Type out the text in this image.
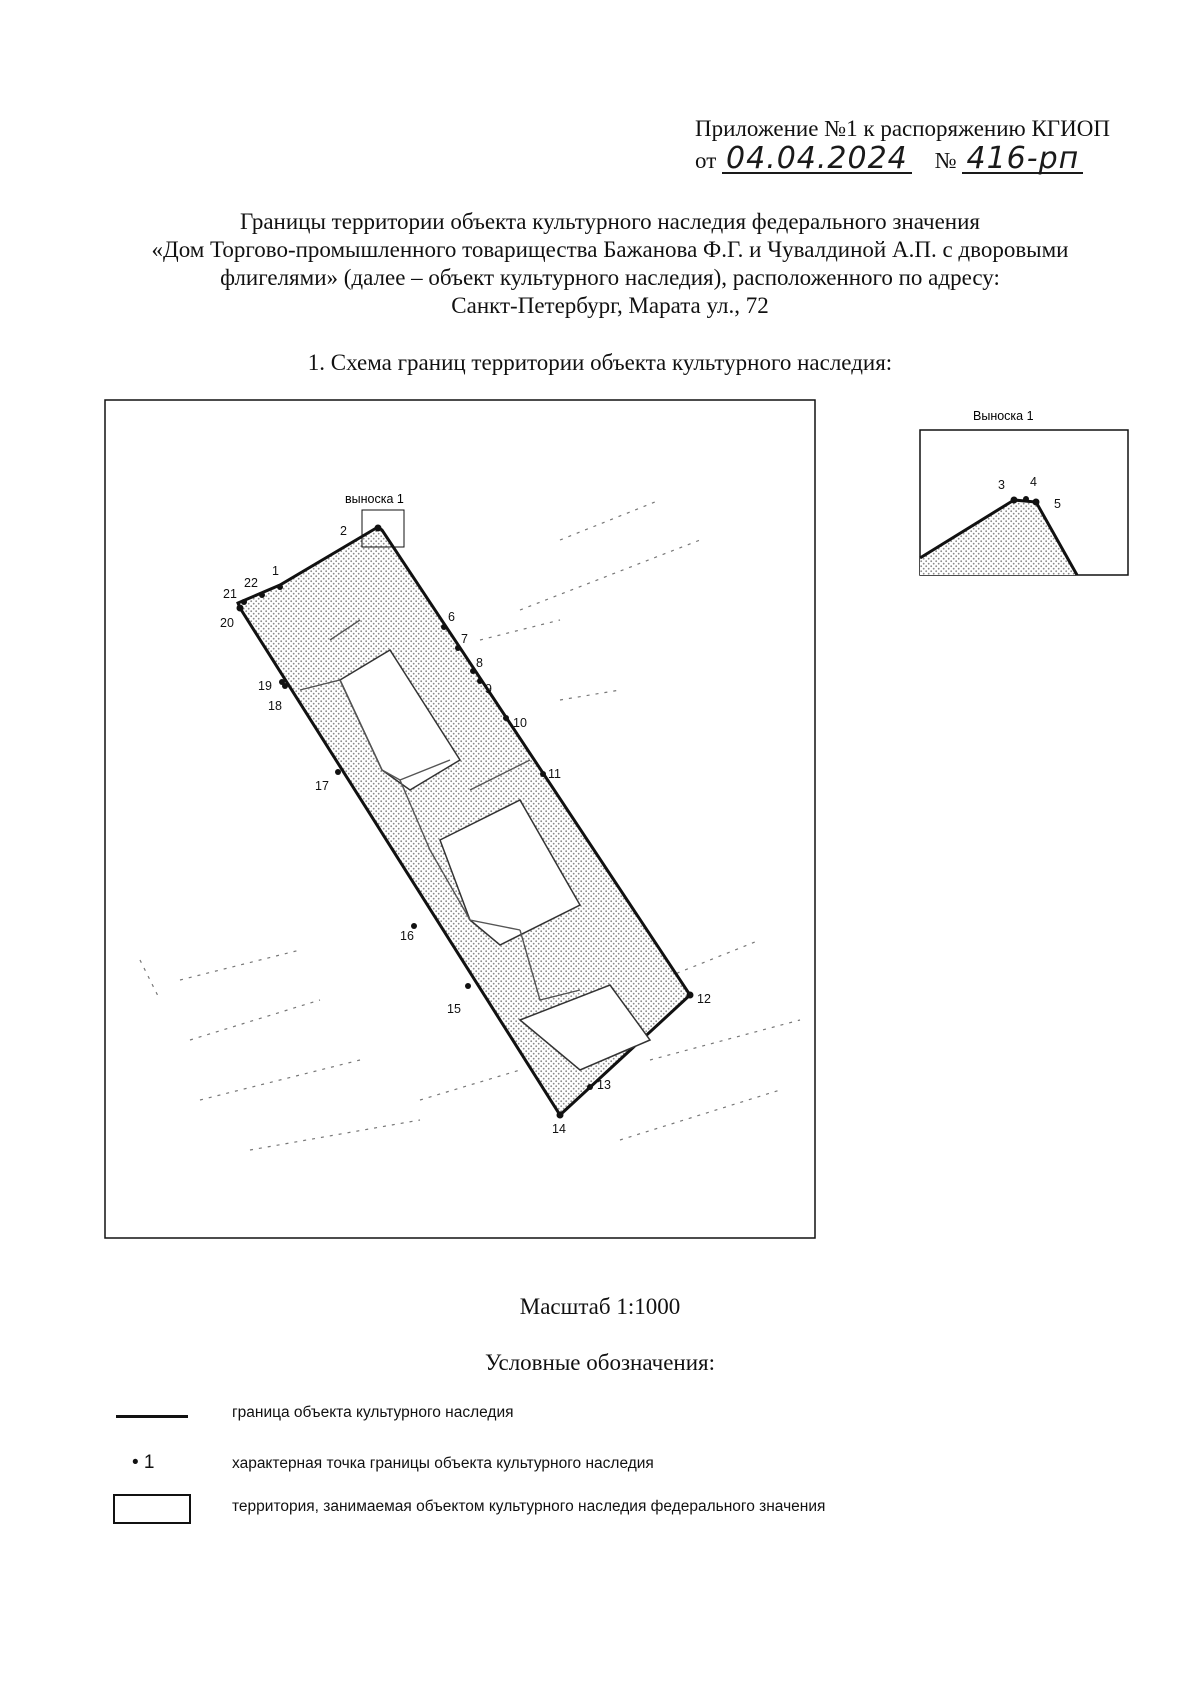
Приложение №1 к распоряжению КГИОП
от 04.04.2024 № 416-рп
Границы территории объекта культурного наследия федерального значения
«Дом Торгово-промышленного товарищества Бажанова Ф.Г. и Чувалдиной А.П. с дворовыми
флигелями» (далее – объект культурного наследия), расположенного по адресу:
Санкт-Петербург, Марата ул., 72
1. Схема границ территории объекта культурного наследия:
выноска 1
1
2
6
7
8
9
10
11
12
13
14
15
16
17
18
19
20
21
22
Выноска 1
3 4
5
Масштаб 1:1000
Условные обозначения:
граница объекта культурного наследия
• 1	характерная точка границы объекта культурного наследия
территория, занимаемая объектом культурного наследия федерального значения
